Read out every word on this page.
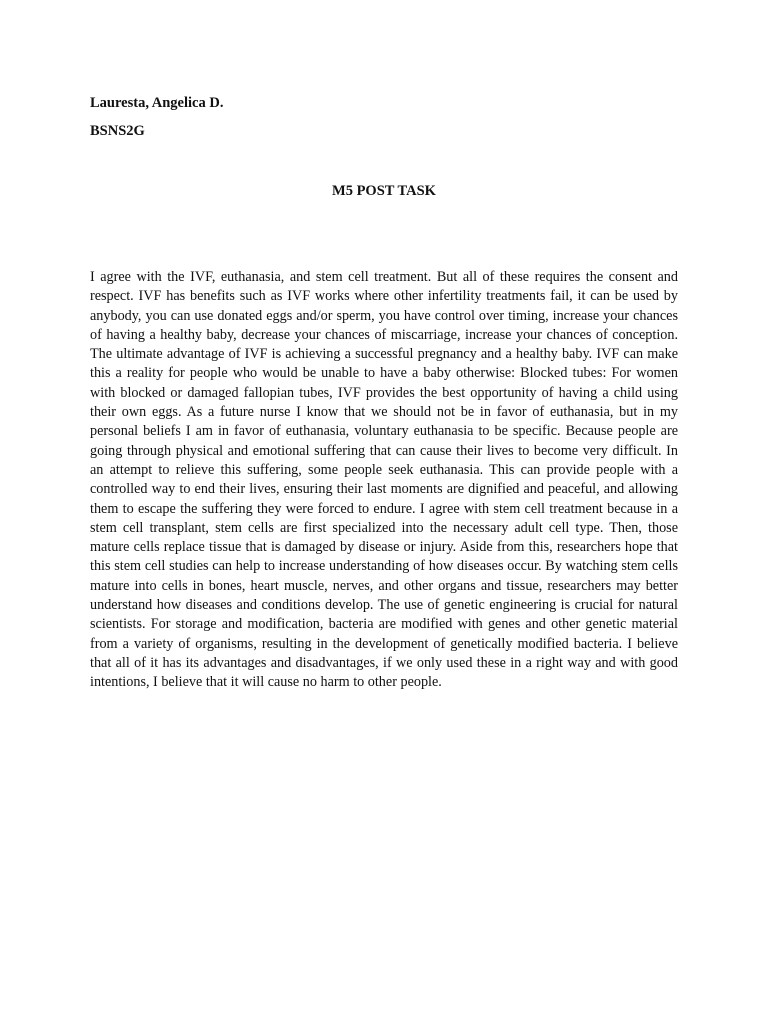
Lauresta, Angelica D.
BSNS2G
M5 POST TASK

I agree with the IVF, euthanasia, and stem cell treatment. But all of these requires the consent and respect. IVF has benefits such as IVF works where other infertility treatments fail, it can be used by anybody, you can use donated eggs and/or sperm, you have control over timing, increase your chances of having a healthy baby, decrease your chances of miscarriage, increase your chances of conception. The ultimate advantage of IVF is achieving a successful pregnancy and a healthy baby. IVF can make this a reality for people who would be unable to have a baby otherwise: Blocked tubes: For women with blocked or damaged fallopian tubes, IVF provides the best opportunity of having a child using their own eggs. As a future nurse I know that we should not be in favor of euthanasia, but in my personal beliefs I am in favor of euthanasia, voluntary euthanasia to be specific. Because people are going through physical and emotional suffering that can cause their lives to become very difficult. In an attempt to relieve this suffering, some people seek euthanasia. This can provide people with a controlled way to end their lives, ensuring their last moments are dignified and peaceful, and allowing them to escape the suffering they were forced to endure. I agree with stem cell treatment because in a stem cell transplant, stem cells are first specialized into the necessary adult cell type. Then, those mature cells replace tissue that is damaged by disease or injury. Aside from this, researchers hope that this stem cell studies can help to increase understanding of how diseases occur. By watching stem cells mature into cells in bones, heart muscle, nerves, and other organs and tissue, researchers may better understand how diseases and conditions develop. The use of genetic engineering is crucial for natural scientists. For storage and modification, bacteria are modified with genes and other genetic material from a variety of organisms, resulting in the development of genetically modified bacteria. I believe that all of it has its advantages and disadvantages, if we only used these in a right way and with good intentions, I believe that it will cause no harm to other people.
